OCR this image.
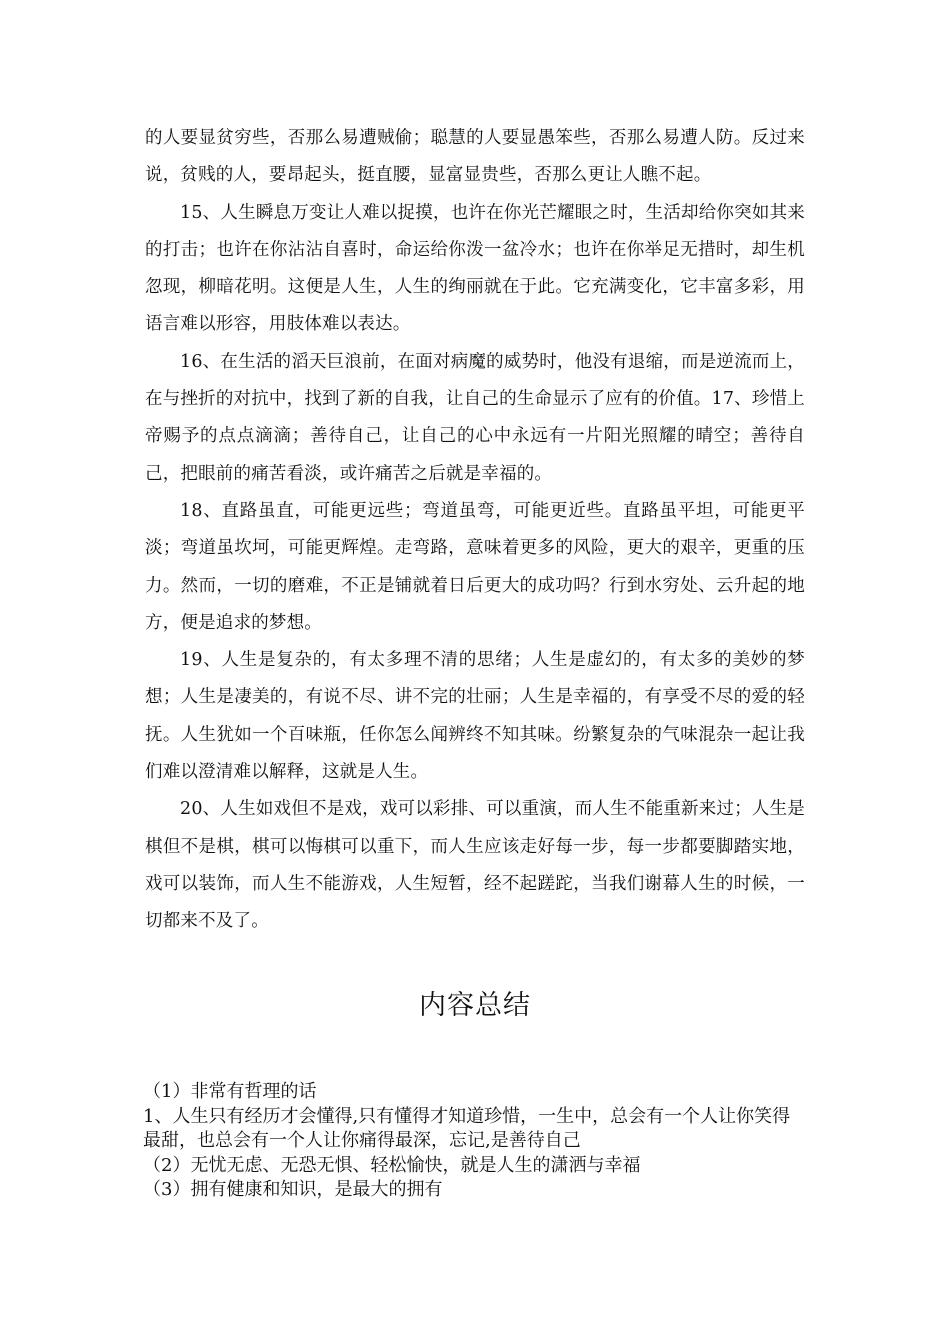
的人要显贫穷些，否那么易遭贼偷；聪慧的人要显愚笨些，否那么易遭人防。反过来说，贫贱的人，要昂起头，挺直腰，显富显贵些，否那么更让人瞧不起。

15、人生瞬息万变让人难以捉摸，也许在你光芒耀眼之时，生活却给你突如其来的打击；也许在你沾沾自喜时，命运给你泼一盆冷水；也许在你举足无措时，却生机忽现，柳暗花明。这便是人生，人生的绚丽就在于此。它充满变化，它丰富多彩，用语言难以形容，用肢体难以表达。

16、在生活的滔天巨浪前，在面对病魔的威势时，他没有退缩，而是逆流而上，在与挫折的对抗中，找到了新的自我，让自己的生命显示了应有的价值。17、珍惜上帝赐予的点点滴滴；善待自己，让自己的心中永远有一片阳光照耀的晴空；善待自己，把眼前的痛苦看淡，或许痛苦之后就是幸福的。

18、直路虽直，可能更远些；弯道虽弯，可能更近些。直路虽平坦，可能更平淡；弯道虽坎坷，可能更辉煌。走弯路，意味着更多的风险，更大的艰辛，更重的压力。然而，一切的磨难，不正是铺就着日后更大的成功吗？行到水穷处、云升起的地方，便是追求的梦想。

19、人生是复杂的，有太多理不清的思绪；人生是虚幻的，有太多的美妙的梦想；人生是凄美的，有说不尽、讲不完的壮丽；人生是幸福的，有享受不尽的爱的轻抚。人生犹如一个百味瓶，任你怎么闻辨终不知其味。纷繁复杂的气味混杂一起让我们难以澄清难以解释，这就是人生。

20、人生如戏但不是戏，戏可以彩排、可以重演，而人生不能重新来过；人生是棋但不是棋，棋可以悔棋可以重下，而人生应该走好每一步，每一步都要脚踏实地，戏可以装饰，而人生不能游戏，人生短暂，经不起蹉跎，当我们谢幕人生的时候，一切都来不及了。

内容总结

（1）非常有哲理的话

1、人生只有经历才会懂得,只有懂得才知道珍惜，一生中，总会有一个人让你笑得最甜，也总会有一个人让你痛得最深，忘记,是善待自己

（2）无忧无虑、无恐无惧、轻松愉快，就是人生的潇洒与幸福

（3）拥有健康和知识，是最大的拥有
